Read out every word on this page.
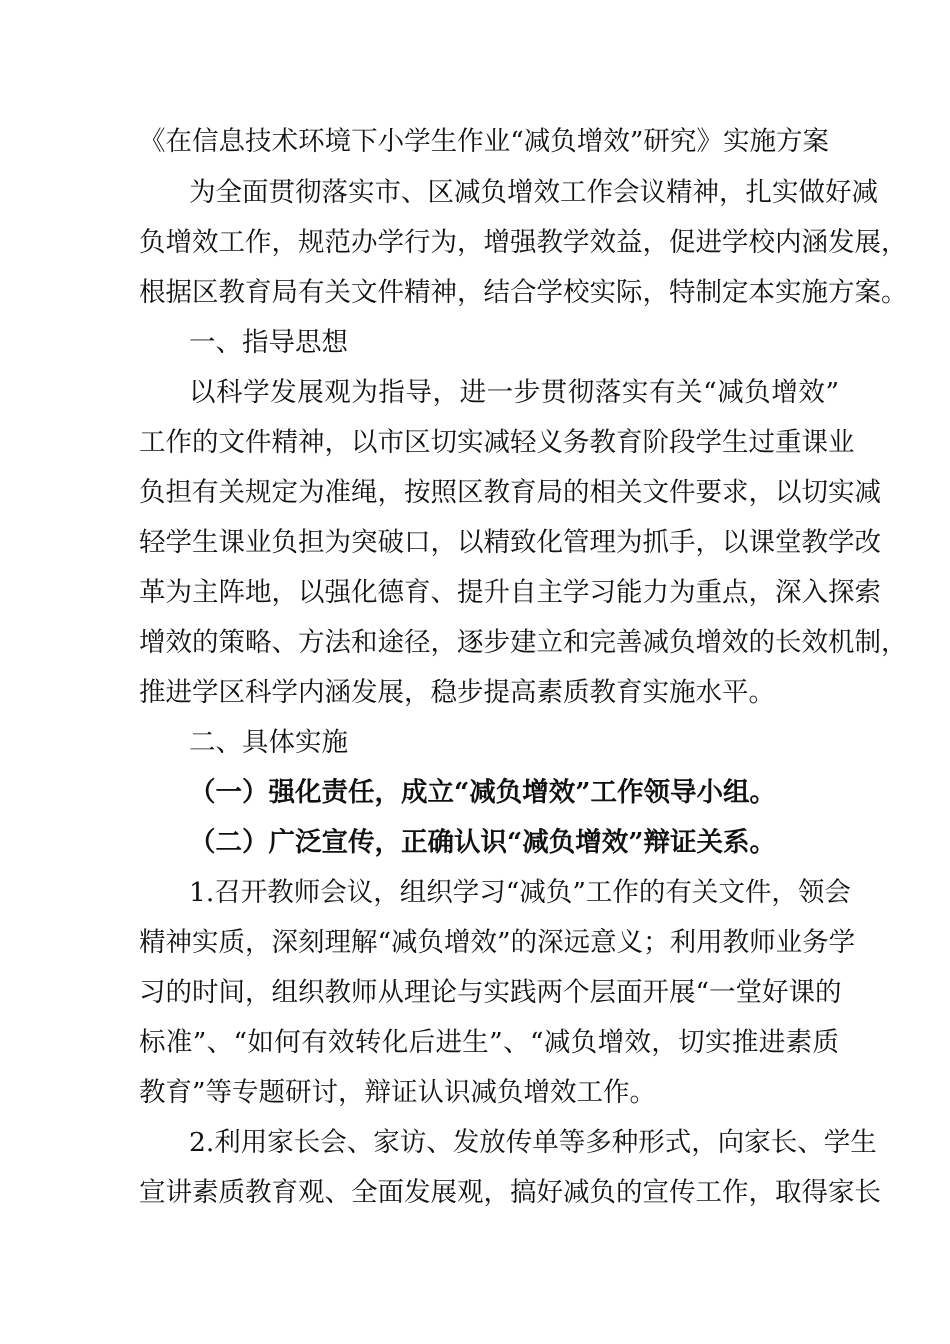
《在信息技术环境下小学生作业“减负增效”研究》实施方案
为全面贯彻落实市、区减负增效工作会议精神，扎实做好减
负增效工作，规范办学行为，增强教学效益，促进学校内涵发展，
根据区教育局有关文件精神，结合学校实际，特制定本实施方案。
一、指导思想
以科学发展观为指导，进一步贯彻落实有关“减负增效”
工作的文件精神，以市区切实减轻义务教育阶段学生过重课业
负担有关规定为准绳，按照区教育局的相关文件要求，以切实减
轻学生课业负担为突破口，以精致化管理为抓手，以课堂教学改
革为主阵地，以强化德育、提升自主学习能力为重点，深入探索
增效的策略、方法和途径，逐步建立和完善减负增效的长效机制，
推进学区科学内涵发展，稳步提高素质教育实施水平。
二、具体实施
（一）强化责任，成立“减负增效”工作领导小组。
（二）广泛宣传，正确认识“减负增效”辩证关系。
1.召开教师会议，组织学习“减负”工作的有关文件，领会
精神实质，深刻理解“减负增效”的深远意义；利用教师业务学
习的时间，组织教师从理论与实践两个层面开展“一堂好课的
标准”、“如何有效转化后进生”、“减负增效，切实推进素质
教育”等专题研讨，辩证认识减负增效工作。
2.利用家长会、家访、发放传单等多种形式，向家长、学生
宣讲素质教育观、全面发展观，搞好减负的宣传工作，取得家长
